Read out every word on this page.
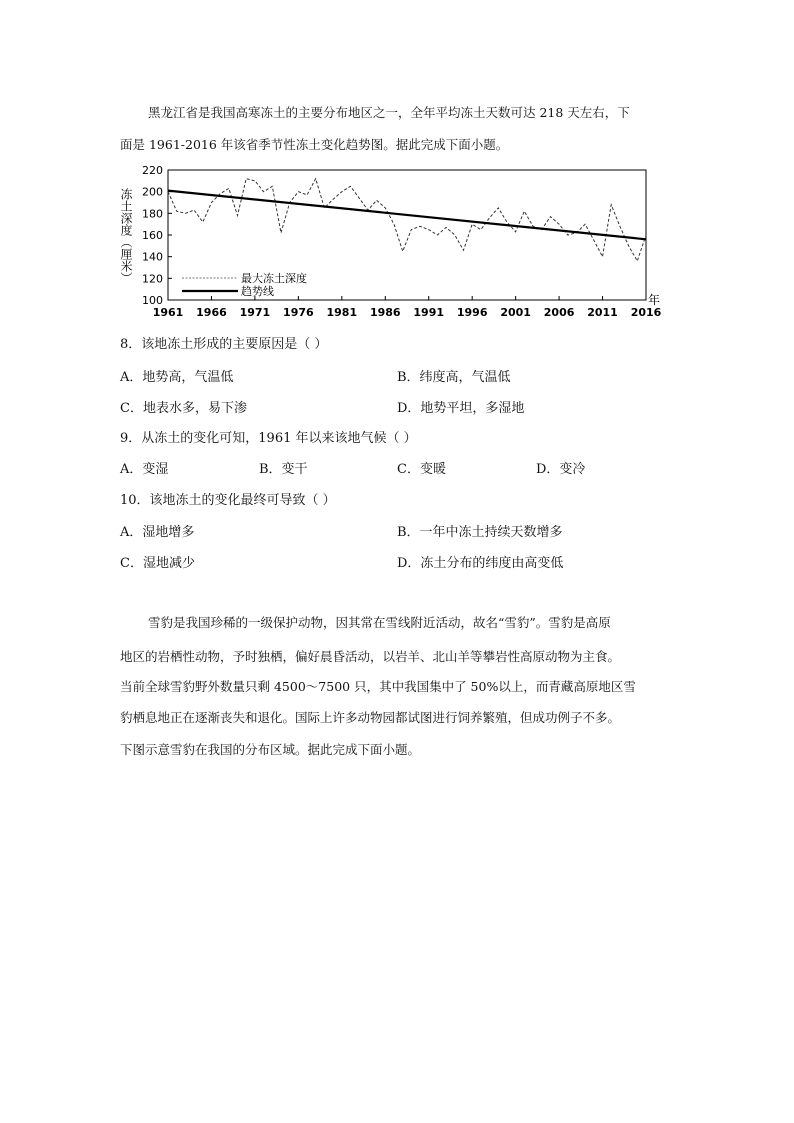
黑龙江省是我国高寒冻土的主要分布地区之一，全年平均冻土天数可达 218 天左右，下

面是 1961-2016 年该省季节性冻土变化趋势图。据此完成下面小题。

100
120
140
160
180
200
220
1961 1966 1971 1976 1981 1986 1991 1996 2001 2006 2011 2016
最大冻土深度
趋势线
冻土深度（厘米）
年

8．该地冻土形成的主要原因是（ ）

A．地势高，气温低	B．纬度高，气温低

C．地表水多，易下渗	D．地势平坦，多湿地

9．从冻土的变化可知，1961 年以来该地气候（ ）

A．变湿	B．变干	C．变暖	D．变冷

10．该地冻土的变化最终可导致（ ）

A．湿地增多	B．一年中冻土持续天数增多

C．湿地减少	D．冻土分布的纬度由高变低

雪豹是我国珍稀的一级保护动物，因其常在雪线附近活动，故名“雪豹”。雪豹是高原

地区的岩栖性动物，予时独栖，偏好晨昏活动，以岩羊、北山羊等攀岩性高原动物为主食。

当前全球雪豹野外数量只剩 4500～7500 只，其中我国集中了 50%以上，而青藏高原地区雪

豹栖息地正在逐渐丧失和退化。国际上许多动物园都试图进行饲养繁殖，但成功例子不多。

下图示意雪豹在我国的分布区域。据此完成下面小题。
